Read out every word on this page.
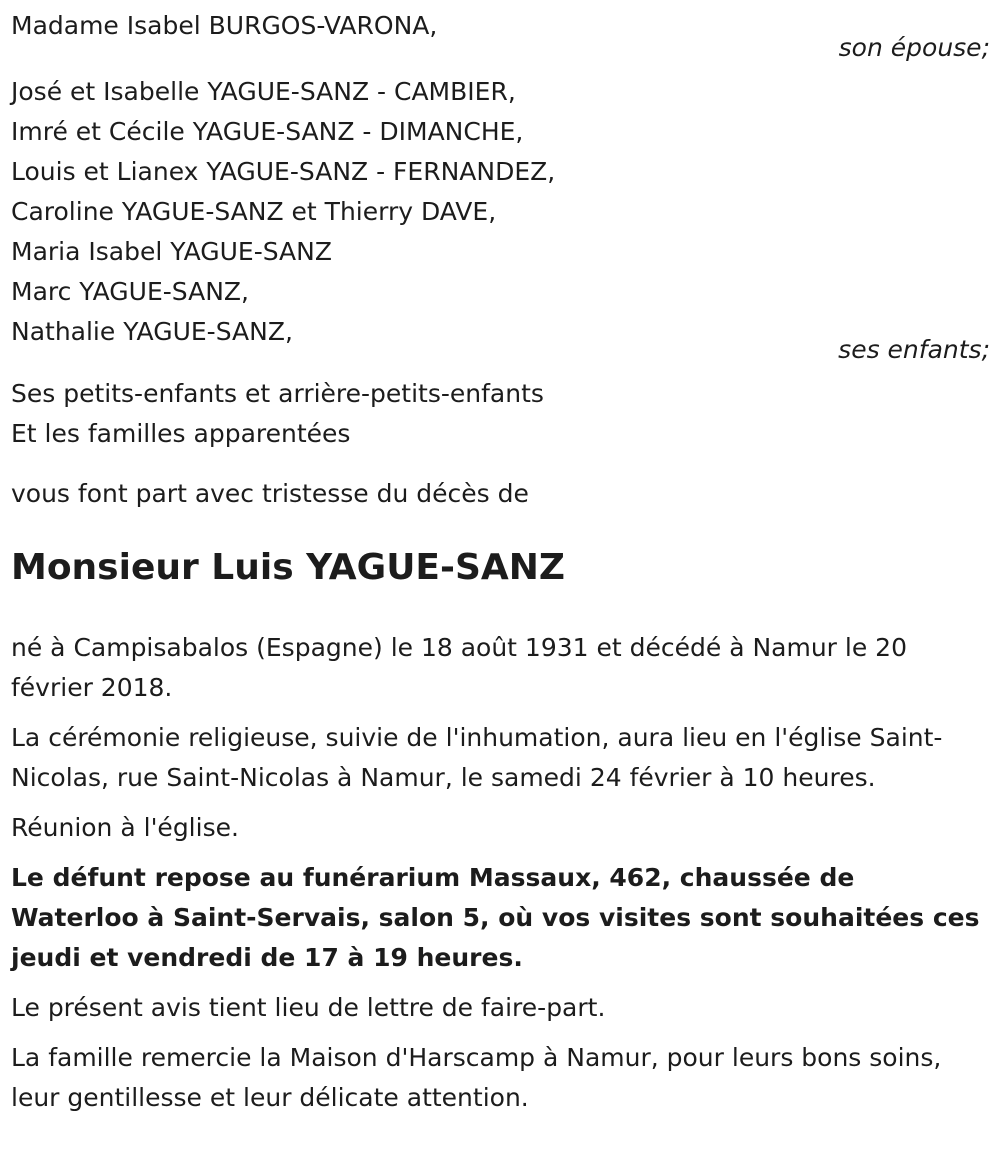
Madame Isabel BURGOS-VARONA,
son épouse;
José et Isabelle YAGUE-SANZ - CAMBIER,
Imré et Cécile YAGUE-SANZ - DIMANCHE,
Louis et Lianex YAGUE-SANZ - FERNANDEZ,
Caroline YAGUE-SANZ et Thierry DAVE,
Maria Isabel YAGUE-SANZ
Marc YAGUE-SANZ,
Nathalie YAGUE-SANZ,
ses enfants;
Ses petits-enfants et arrière-petits-enfants
Et les familles apparentées
vous font part avec tristesse du décès de
Monsieur Luis YAGUE-SANZ

né à Campisabalos (Espagne) le 18 août 1931 et décédé à Namur le 20 février 2018.

La cérémonie religieuse, suivie de l'inhumation, aura lieu en l'église Saint-Nicolas, rue Saint-Nicolas à Namur, le samedi 24 février à 10 heures.

Réunion à l'église.

Le défunt repose au funérarium Massaux, 462, chaussée de Waterloo à Saint-Servais, salon 5, où vos visites sont souhaitées ces jeudi et vendredi de 17 à 19 heures.

Le présent avis tient lieu de lettre de faire-part.

La famille remercie la Maison d'Harscamp à Namur, pour leurs bons soins, leur gentillesse et leur délicate attention.
